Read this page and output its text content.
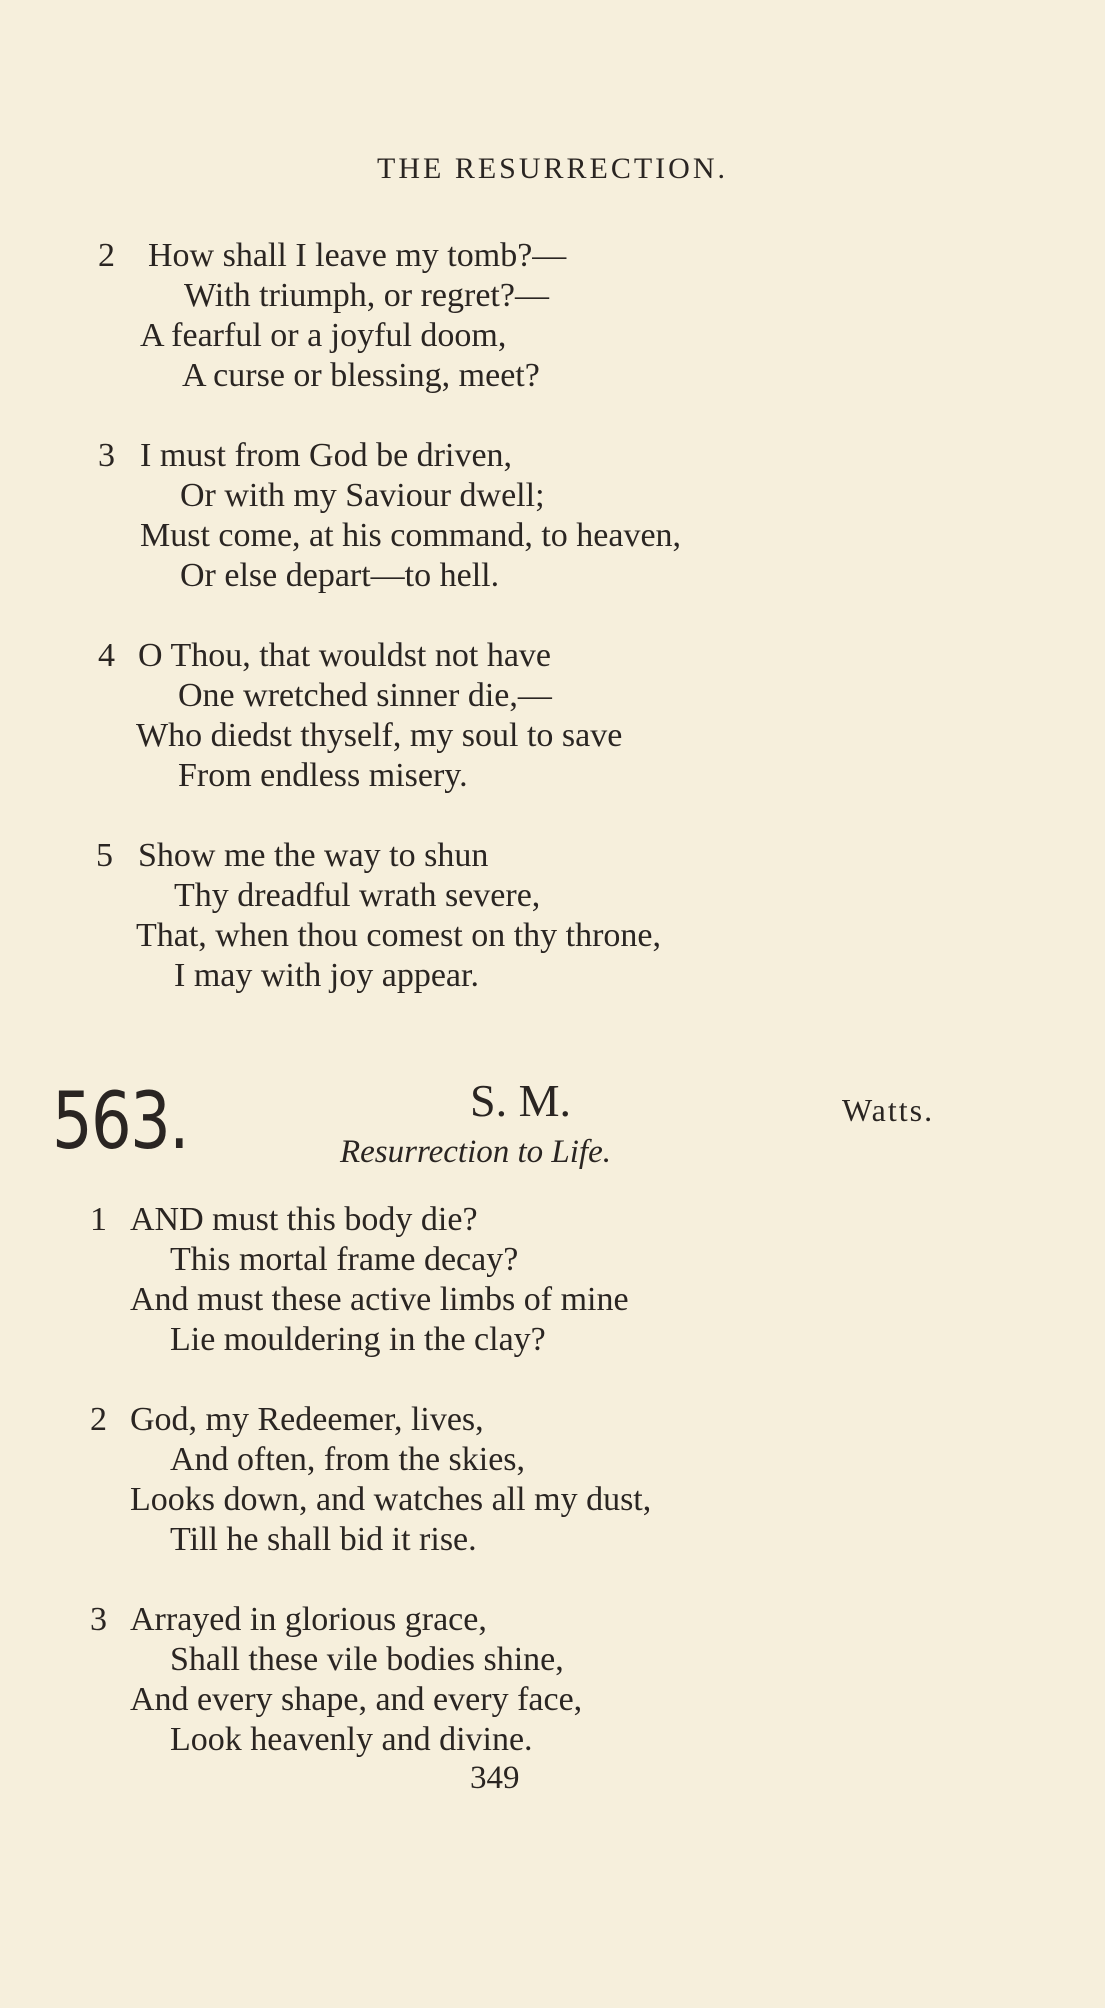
THE RESURRECTION.
2 How shall I leave my tomb?—
With triumph, or regret?—
A fearful or a joyful doom,
A curse or blessing, meet?
3 I must from God be driven,
Or with my Saviour dwell;
Must come, at his command, to heaven,
Or else depart—to hell.
4 O Thou, that wouldst not have
One wretched sinner die,—
Who diedst thyself, my soul to save
From endless misery.
5 Show me the way to shun
Thy dreadful wrath severe,
That, when thou comest on thy throne,
I may with joy appear.
563.	S. M.	Watts.
Resurrection to Life.
1 AND must this body die?
This mortal frame decay?
And must these active limbs of mine
Lie mouldering in the clay?
2 God, my Redeemer, lives,
And often, from the skies,
Looks down, and watches all my dust,
Till he shall bid it rise.
3 Arrayed in glorious grace,
Shall these vile bodies shine,
And every shape, and every face,
Look heavenly and divine.
349
